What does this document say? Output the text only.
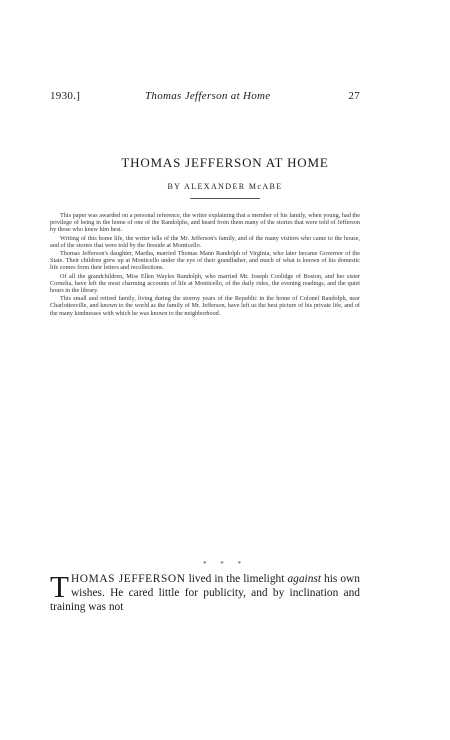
1930.]	Thomas Jefferson at Home	27
THOMAS JEFFERSON AT HOME
BY ALEXANDER McABE

This paper was awarded on a personal reference, the writer explaining that a member of his family, when young, had the privilege of being in the home of one of the Randolphs, and heard from them many of the stories that were told of Jefferson by those who knew him best.

Writing of this home life, the writer tells of the Mr. Jefferson's family, and of the many visitors who came to the house, and of the stories that were told by the fireside at Monticello.

Thomas Jefferson's daughter, Martha, married Thomas Mann Randolph of Virginia, who later became Governor of the State. Their children grew up at Monticello under the eye of their grandfather, and much of what is known of his domestic life comes from their letters and recollections.

Of all the grandchildren, Miss Ellen Wayles Randolph, who married Mr. Joseph Coolidge of Boston, and her sister Cornelia, have left the most charming accounts of life at Monticello, of the daily rides, the evening readings, and the quiet hours in the library.

This small and retired family, living during the stormy years of the Republic in the home of Colonel Randolph, near Charlottesville, and known to the world as the family of Mr. Jefferson, have left us the best picture of his private life, and of the many kindnesses with which he was known to the neighborhood.

* * *
THOMAS JEFFERSON lived in the limelight against his own wishes. He cared little for publicity, and by inclination and training was not
